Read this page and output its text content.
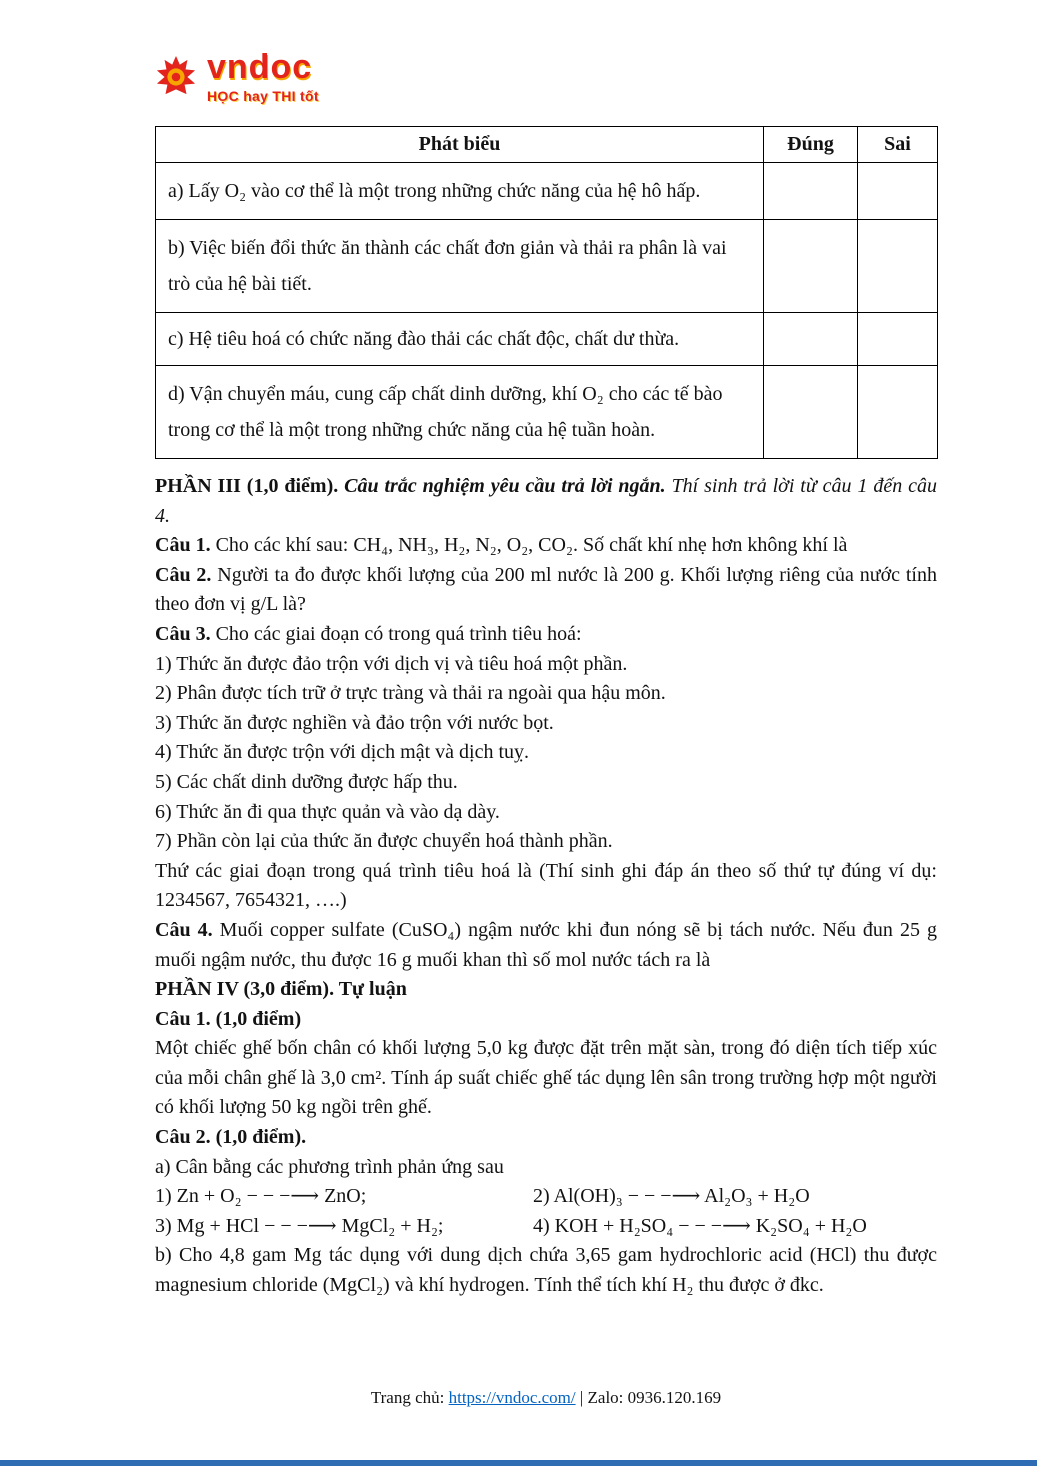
vndoc
HỌC hay THI tốt
Phát biểu	Đúng	Sai
a) Lấy O₂ vào cơ thể là một trong những chức năng của hệ hô hấp.		
b) Việc biến đổi thức ăn thành các chất đơn giản và thải ra phân là vai trò của hệ bài tiết.		
c) Hệ tiêu hoá có chức năng đào thải các chất độc, chất dư thừa.		
d) Vận chuyển máu, cung cấp chất dinh dưỡng, khí O₂ cho các tế bào trong cơ thể là một trong những chức năng của hệ tuần hoàn.		

PHẦN III (1,0 điểm). Câu trắc nghiệm yêu cầu trả lời ngắn. Thí sinh trả lời từ câu 1 đến câu 4.

Câu 1. Cho các khí sau: CH₄, NH₃, H₂, N₂, O₂, CO₂. Số chất khí nhẹ hơn không khí là

Câu 2. Người ta đo được khối lượng của 200 ml nước là 200 g. Khối lượng riêng của nước tính theo đơn vị g/L là?

Câu 3. Cho các giai đoạn có trong quá trình tiêu hoá:

1) Thức ăn được đảo trộn với dịch vị và tiêu hoá một phần.

2) Phân được tích trữ ở trực tràng và thải ra ngoài qua hậu môn.

3) Thức ăn được nghiền và đảo trộn với nước bọt.

4) Thức ăn được trộn với dịch mật và dịch tuỵ.

5) Các chất dinh dưỡng được hấp thu.

6) Thức ăn đi qua thực quản và vào dạ dày.

7) Phần còn lại của thức ăn được chuyển hoá thành phần.

Thứ các giai đoạn trong quá trình tiêu hoá là (Thí sinh ghi đáp án theo số thứ tự đúng ví dụ: 1234567, 7654321, ….)

Câu 4. Muối copper sulfate (CuSO₄) ngậm nước khi đun nóng sẽ bị tách nước. Nếu đun 25 g muối ngậm nước, thu được 16 g muối khan thì số mol nước tách ra là

PHẦN IV (3,0 điểm). Tự luận

Câu 1. (1,0 điểm)

Một chiếc ghế bốn chân có khối lượng 5,0 kg được đặt trên mặt sàn, trong đó diện tích tiếp xúc của mỗi chân ghế là 3,0 cm². Tính áp suất chiếc ghế tác dụng lên sân trong trường hợp một người có khối lượng 50 kg ngồi trên ghế.

Câu 2. (1,0 điểm).

a) Cân bằng các phương trình phản ứng sau

1) Zn + O₂ − − −⟶ ZnO;	2) Al(OH)₃ − − −⟶ Al₂O₃ + H₂O

3) Mg + HCl − − −⟶ MgCl₂ + H₂;	4) KOH + H₂SO₄ − − −⟶ K₂SO₄ + H₂O

b) Cho 4,8 gam Mg tác dụng với dung dịch chứa 3,65 gam hydrochloric acid (HCl) thu được magnesium chloride (MgCl₂) và khí hydrogen. Tính thể tích khí H₂ thu được ở đkc.

Trang chủ: https://vndoc.com/ | Zalo: 0936.120.169
